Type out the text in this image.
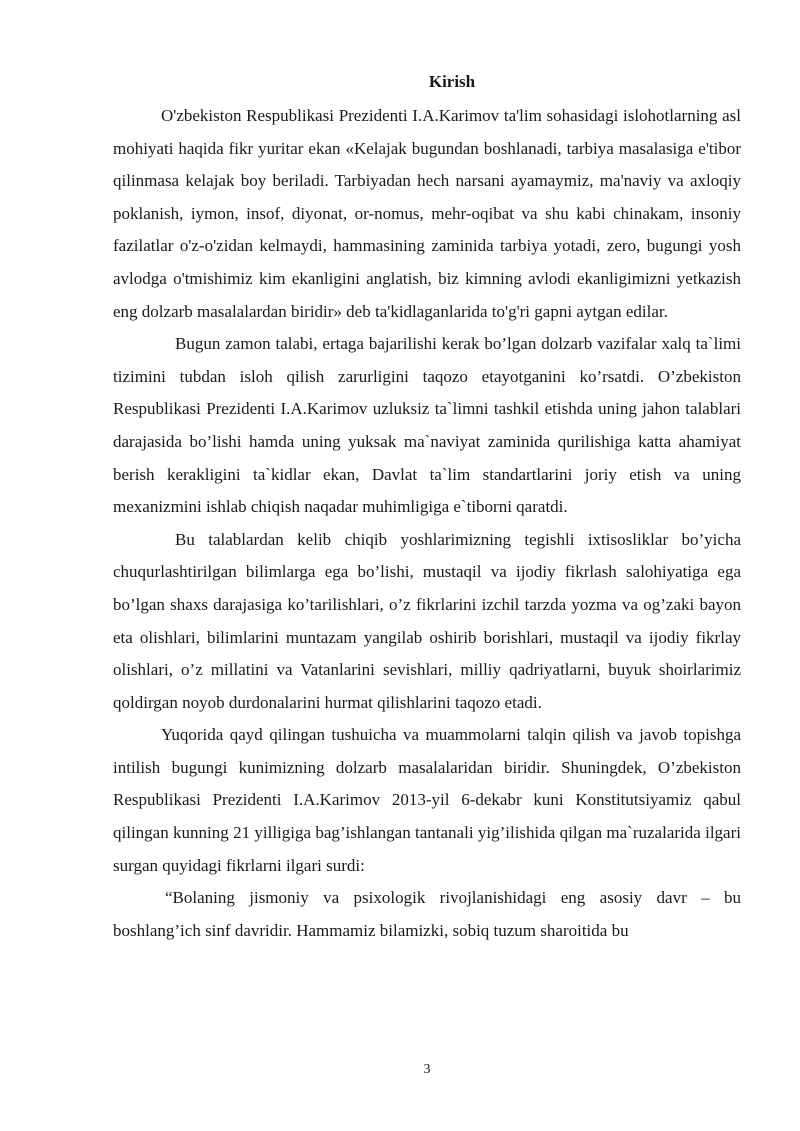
Kirish

O'zbekiston Respublikasi Prezidenti I.A.Karimov ta'lim sohasidagi islohotlarning asl mohiyati haqida fikr yuritar ekan «Kelajak bugundan boshlanadi, tarbiya masalasiga e'tibor qilinmasa kelajak boy beriladi. Tarbiyadan hech narsani ayamaymiz, ma'naviy va axloqiy poklanish, iymon, insof, diyonat, or-nomus, mehr-oqibat va shu kabi chinakam, insoniy fazilatlar o'z-o'zidan kelmaydi, hammasining zaminida tarbiya yotadi, zero, bugungi yosh avlodga o'tmishimiz kim ekanligini anglatish, biz kimning avlodi ekanligimizni yetkazish eng dolzarb masalalardan biridir» deb ta'kidlaganlarida to'g'ri gapni aytgan edilar.

Bugun zamon talabi, ertaga bajarilishi kerak bo’lgan dolzarb vazifalar xalq ta`limi tizimini tubdan isloh qilish zarurligini taqozo etayotganini ko’rsatdi. O’zbekiston Respublikasi Prezidenti I.A.Karimov uzluksiz ta`limni tashkil etishda uning jahon talablari darajasida bo’lishi hamda uning yuksak ma`naviyat zaminida qurilishiga katta ahamiyat berish kerakligini ta`kidlar ekan, Davlat ta`lim standartlarini joriy etish va uning mexanizmini ishlab chiqish naqadar muhimligiga e`tiborni qaratdi.

Bu talablardan kelib chiqib yoshlarimizning tegishli ixtisosliklar bo’yicha chuqurlashtirilgan bilimlarga ega bo’lishi, mustaqil va ijodiy fikrlash salohiyatiga ega bo’lgan shaxs darajasiga ko’tarilishlari, o’z fikrlarini izchil tarzda yozma va og’zaki bayon eta olishlari, bilimlarini muntazam yangilab oshirib borishlari, mustaqil va ijodiy fikrlay olishlari, o’z millatini va Vatanlarini sevishlari, milliy qadriyatlarni, buyuk shoirlarimiz qoldirgan noyob durdonalarini hurmat qilishlarini taqozo etadi.

Yuqorida qayd qilingan tushuicha va muammolarni talqin qilish va javob topishga intilish bugungi kunimizning dolzarb masalalaridan biridir. Shuningdek, O’zbekiston Respublikasi Prezidenti I.A.Karimov 2013-yil 6-dekabr kuni Konstitutsiyamiz qabul qilingan kunning 21 yilligiga bag’ishlangan tantanali yig’ilishida qilgan ma`ruzalarida ilgari surgan quyidagi fikrlarni ilgari surdi:

“Bolaning jismoniy va psixologik rivojlanishidagi eng asosiy davr – bu boshlang’ich sinf davridir. Hammamiz bilamizki, sobiq tuzum sharoitida bu

3
